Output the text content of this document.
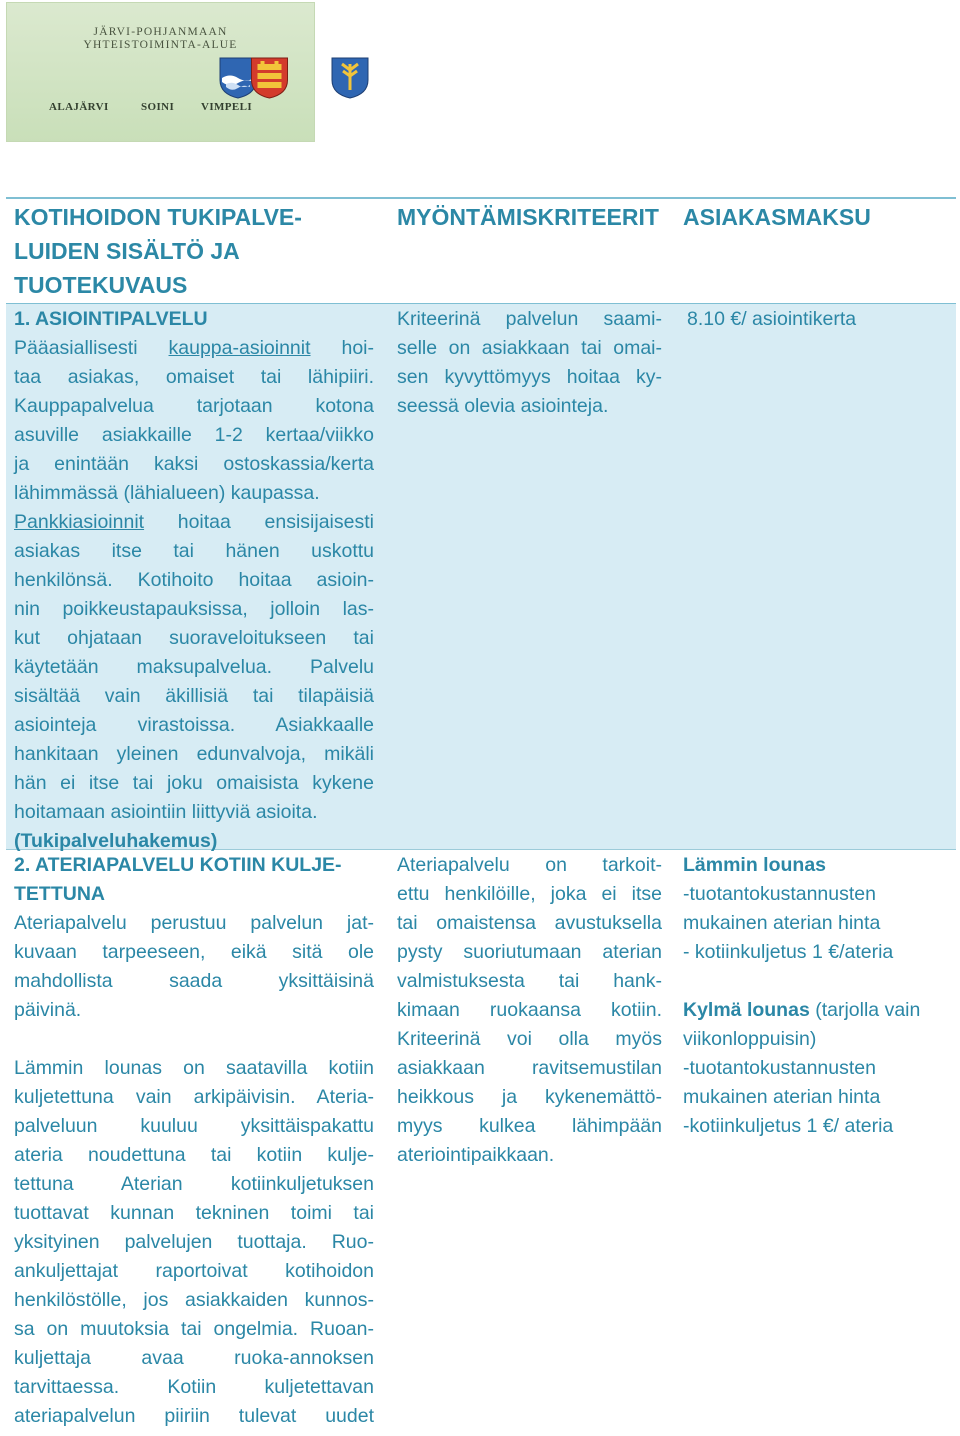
JÄRVI-POHJANMAAN
YHTEISTOIMINTA-ALUE
ALAJÄRVI	SOINI VIMPELI
KOTIHOIDON TUKIPALVE-
LUIDEN SISÄLTÖ JA
TUOTEKUVAUS
MYÖNTÄMISKRITEERIT ASIAKASMAKSU

1. ASIOINTIPALVELU

Pääasiallisesti kauppa-asioinnit hoi-

taa asiakas, omaiset tai lähipiiri.

Kauppapalvelua tarjotaan kotona

asuville asiakkaille 1-2 kertaa/viikko

ja enintään kaksi ostoskassia/kerta

lähimmässä (lähialueen) kaupassa.

Pankkiasioinnit hoitaa ensisijaisesti

asiakas itse tai hänen uskottu

henkilönsä. Kotihoito hoitaa asioin-

nin poikkeustapauksissa, jolloin las-

kut ohjataan suoraveloitukseen tai

käytetään maksupalvelua. Palvelu

sisältää vain äkillisiä tai tilapäisiä

asiointeja virastoissa. Asiakkaalle

hankitaan yleinen edunvalvoja, mikäli

hän ei itse tai joku omaisista kykene

hoitamaan asiointiin liittyviä asioita.

(Tukipalveluhakemus)

Kriteerinä palvelun saami-

selle on asiakkaan tai omai-

sen kyvyttömyys hoitaa ky-

seessä olevia asiointeja.

8.10 €/ asiointikerta

2. ATERIAPALVELU KOTIIN KULJE-

TETTUNA

Ateriapalvelu perustuu palvelun jat-

kuvaan tarpeeseen, eikä sitä ole

mahdollista saada yksittäisinä

päivinä.

Lämmin lounas on saatavilla kotiin

kuljetettuna vain arkipäivisin. Ateria-

palveluun kuuluu yksittäispakattu

ateria noudettuna tai kotiin kulje-

tettuna Aterian kotiinkuljetuksen

tuottavat kunnan tekninen toimi tai

yksityinen palvelujen tuottaja. Ruo-

ankuljettajat raportoivat kotihoidon

henkilöstölle, jos asiakkaiden kunnos-

sa on muutoksia tai ongelmia. Ruoan-

kuljettaja avaa ruoka-annoksen

tarvittaessa. Kotiin kuljetettavan

ateriapalvelun piiriin tulevat uudet

Ateriapalvelu on tarkoit-

ettu henkilöille, joka ei itse

tai omaistensa avustuksella

pysty suoriutumaan aterian

valmistuksesta tai hank-

kimaan ruokaansa kotiin.

Kriteerinä voi olla myös

asiakkaan ravitsemustilan

heikkous ja kykenemättö-

myys kulkea lähimpään

ateriointipaikkaan.

Lämmin lounas

-tuotantokustannusten

mukainen aterian hinta

- kotiinkuljetus 1 €/ateria

Kylmä lounas (tarjolla vain

viikonloppuisin)

-tuotantokustannusten

mukainen aterian hinta

-kotiinkuljetus 1 €/ ateria
